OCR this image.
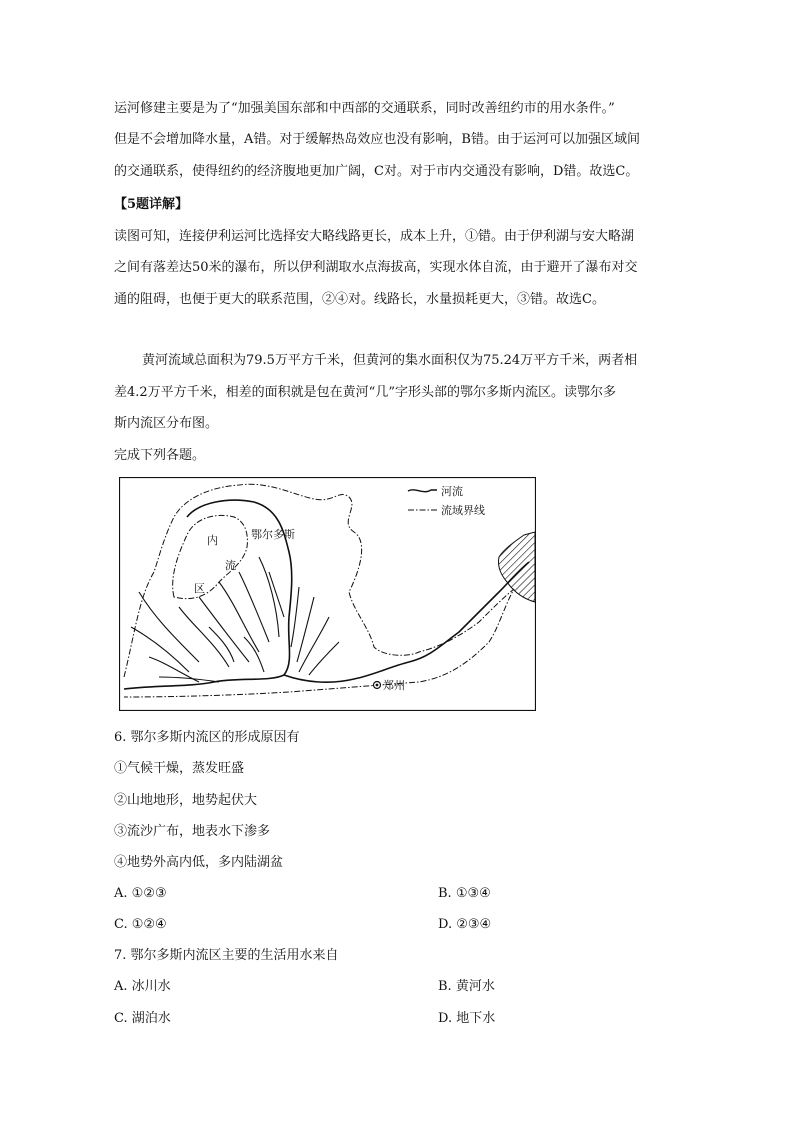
运河修建主要是为了“加强美国东部和中西部的交通联系，同时改善纽约市的用水条件。”
但是不会增加降水量，A错。对于缓解热岛效应也没有影响，B错。由于运河可以加强区域间
的交通联系，使得纽约的经济腹地更加广阔，C对。对于市内交通没有影响，D错。故选C。
【5题详解】
读图可知，连接伊利运河比选择安大略线路更长，成本上升，①错。由于伊利湖与安大略湖
之间有落差达50米的瀑布，所以伊利湖取水点海拔高，实现水体自流，由于避开了瀑布对交
通的阻碍，也便于更大的联系范围，②④对。线路长，水量损耗更大，③错。故选C。
黄河流域总面积为79.5万平方千米，但黄河的集水面积仅为75.24万平方千米，两者相
差4.2万平方千米，相差的面积就是包在黄河“几”字形头部的鄂尔多斯内流区。读鄂尔多
斯内流区分布图。
完成下列各题。
河流
流域界线
鄂尔多斯
内
流
区
郑州
6. 鄂尔多斯内流区的形成原因有
①气候干燥，蒸发旺盛
②山地地形，地势起伏大
③流沙广布，地表水下渗多
④地势外高内低，多内陆湖盆
A. ①②③	B. ①③④
C. ①②④	D. ②③④
7. 鄂尔多斯内流区主要的生活用水来自
A. 冰川水	B. 黄河水
C. 湖泊水	D. 地下水
